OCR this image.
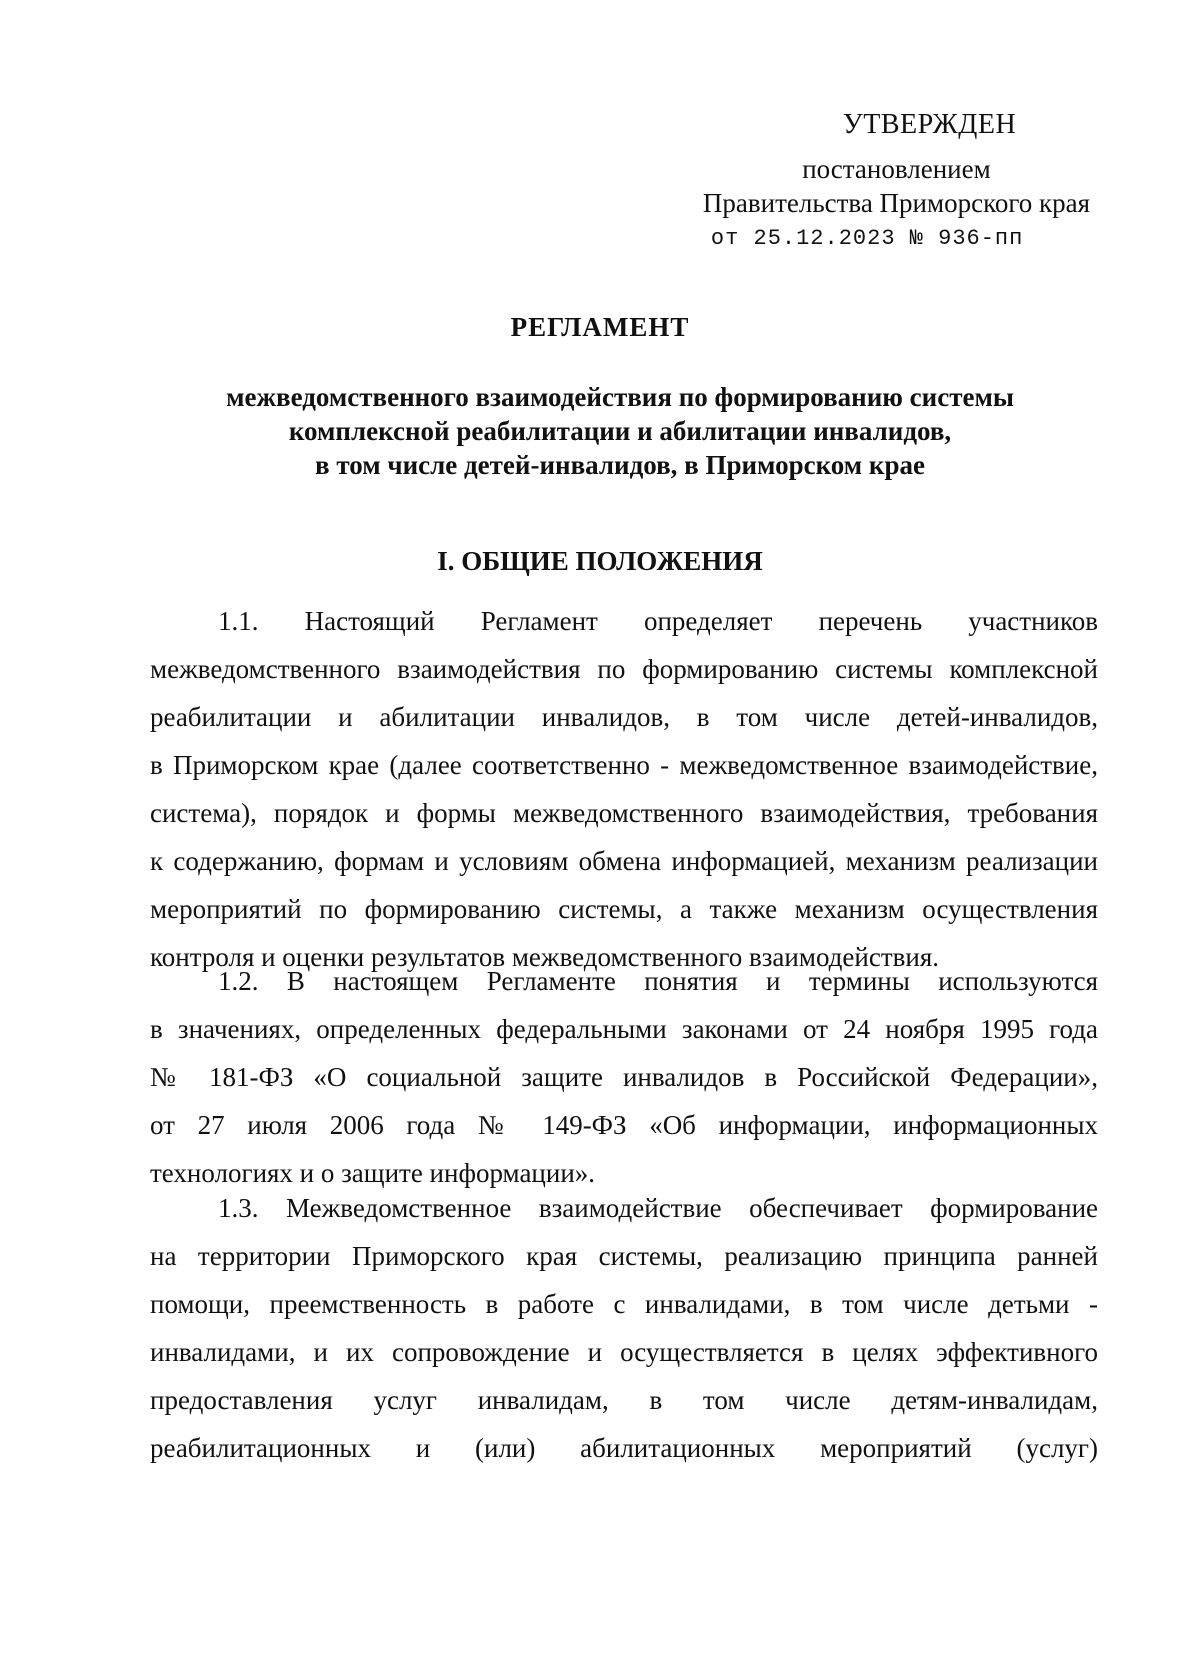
УТВЕРЖДЕН
постановлением
Правительства Приморского края
от 25.12.2023 № 936-пп
РЕГЛАМЕНТ
межведомственного взаимодействия по формированию системы
комплексной реабилитации и абилитации инвалидов,
в том числе детей-инвалидов, в Приморском крае
I. ОБЩИЕ ПОЛОЖЕНИЯ
1.1. Настоящий Регламент определяет перечень участников
межведомственного взаимодействия по формированию системы комплексной
реабилитации и абилитации инвалидов, в том числе детей-инвалидов,
в Приморском крае (далее соответственно - межведомственное взаимодействие,
система), порядок и формы межведомственного взаимодействия, требования
к содержанию, формам и условиям обмена информацией, механизм реализации
мероприятий по формированию системы, а также механизм осуществления
контроля и оценки результатов межведомственного взаимодействия.
1.2. В настоящем Регламенте понятия и термины используются
в значениях, определенных федеральными законами от 24 ноября 1995 года
№ 181-ФЗ «О социальной защите инвалидов в Российской Федерации»,
от 27 июля 2006 года № 149-ФЗ «Об информации, информационных
технологиях и о защите информации».
1.3. Межведомственное взаимодействие обеспечивает формирование
на территории Приморского края системы, реализацию принципа ранней
помощи, преемственность в работе с инвалидами, в том числе детьми -
инвалидами, и их сопровождение и осуществляется в целях эффективного
предоставления услуг инвалидам, в том числе детям-инвалидам,
реабилитационных и (или) абилитационных мероприятий (услуг)
